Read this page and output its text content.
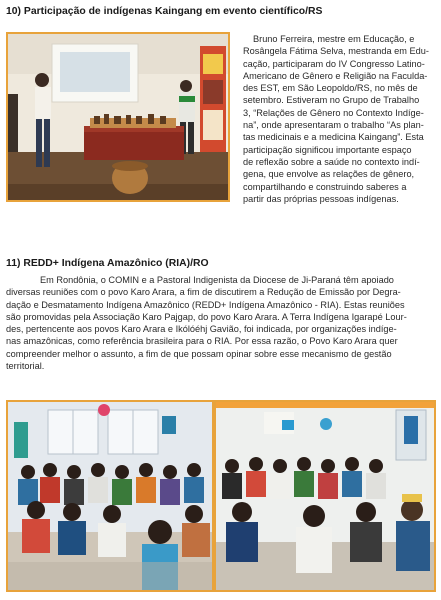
10) Participação de indígenas Kaingang em evento científico/RS
Bruno Ferreira, mestre em Educação, e
Rosângela Fátima Selva, mestranda em Edu-
cação, participaram do IV Congresso Latino-
Americano de Gênero e Religião na Faculda-
des EST, em São Leopoldo/RS, no mês de
setembro. Estiveram no Grupo de Trabalho
3, “Relações de Gênero no Contexto Indíge-
na”, onde apresentaram o trabalho “As plan-
tas medicinais e a medicina Kaingang”. Esta
participação significou importante espaço
de reflexão sobre a saúde no contexto indí-
gena, que envolve as relações de gênero,
compartilhando e construindo saberes a
partir das próprias pessoas indígenas.
11) REDD+ Indígena Amazônico (RIA)/RO
Em Rondônia, o COMIN e a Pastoral Indigenista da Diocese de Ji-Paraná têm apoiado
diversas reuniões com o povo Karo Arara, a fim de discutirem a Redução de Emissão por Degra-
dação e Desmatamento Indígena Amazônico (REDD+ Indígena Amazônico - RIA). Estas reuniões
são promovidas pela Associação Karo Pajgap, do povo Karo Arara. A Terra Indígena Igarapé Lour-
des, pertencente aos povos Karo Arara e Ikólóéhj Gavião, foi indicada, por organizações indíge-
nas amazônicas, como referência brasileira para o RIA. Por essa razão, o Povo Karo Arara quer
compreender melhor o assunto, a fim de que possam opinar sobre esse mecanismo de gestão
territorial.
